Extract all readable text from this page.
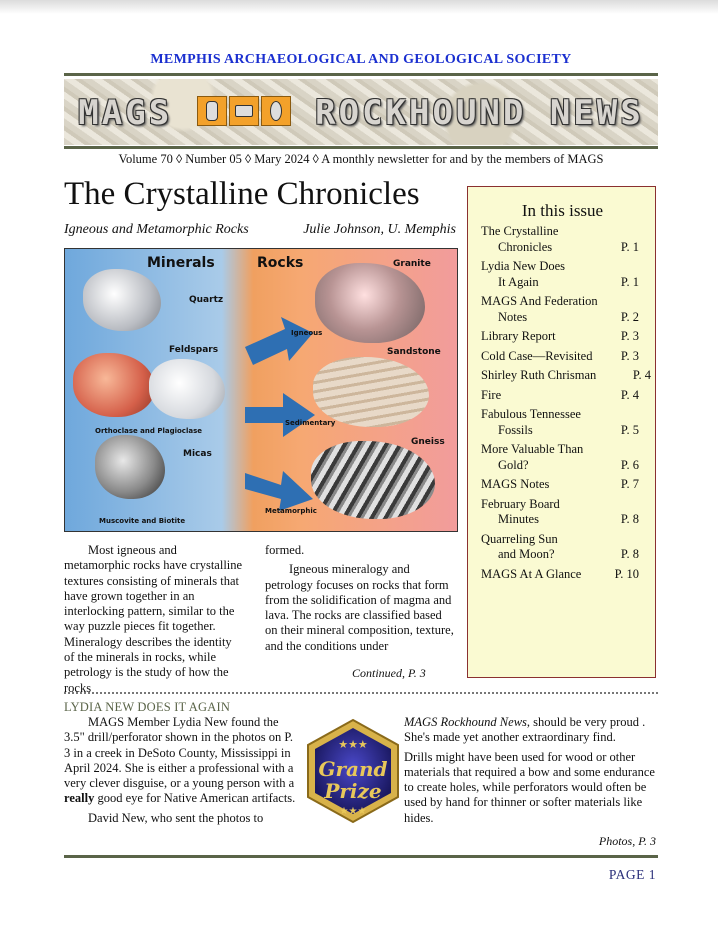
MEMPHIS ARCHAEOLOGICAL AND GEOLOGICAL SOCIETY
MAGS	ROCKHOUND NEWS
Volume 70 ◊ Number 05 ◊ Mary 2024 ◊ A monthly newsletter for and by the members of MAGS
The Crystalline Chronicles
Igneous and Metamorphic Rocks	Julie Johnson, U. Memphis
Minerals	Rocks
Quartz
Feldspars
Orthoclase and Plagioclase
Micas
Muscovite and Biotite
Granite
Igneous
Sandstone
Sedimentary
Gneiss
Metamorphic

Most igneous and metamorphic rocks have crystalline textures consisting of minerals that have grown together in an interlocking pattern, similar to the way puzzle pieces fit together. Mineralogy describes the identity of the minerals in rocks, while petrology is the study of how the rocks

formed.

Igneous mineralogy and petrology focuses on rocks that form from the solidification of magma and lava. The rocks are classified based on their mineral composition, texture, and the conditions under

Continued, P. 3
In this issue
The Crystalline
Chronicles	P. 1
Lydia New Does
It Again	P. 1
MAGS And Federation
Notes	P. 2
Library Report	P. 3
Cold Case—Revisited	P. 3
Shirley Ruth Chrisman	P. 4
Fire	P. 4
Fabulous Tennessee
Fossils	P. 5
More Valuable Than
Gold?	P. 6
MAGS Notes	P. 7
February Board
Minutes	P. 8
Quarreling Sun
and Moon?	P. 8
MAGS At A Glance	P. 10
LYDIA NEW DOES IT AGAIN

MAGS Member Lydia New found the 3.5" drill/perforator shown in the photos on P. 3 in a creek in DeSoto County, Mississippi in April 2024. She is either a professional with a very clever disguise, or a young person with a really good eye for Native American artifacts.

David New, who sent the photos to

★★★
Grand
Prize
★★★

MAGS Rockhound News, should be very proud . She's made yet another extraordinary find.

Drills might have been used for wood or other materials that required a bow and some endurance to create holes, while perforators would often be used by hand for thinner or softer materials like hides.

Photos, P. 3
PAGE 1
